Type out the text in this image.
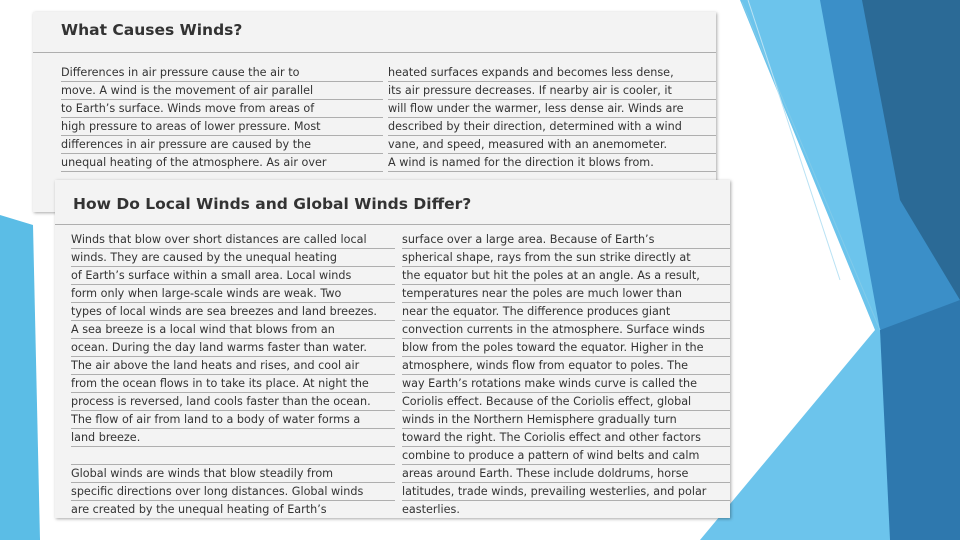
What Causes Winds?
Differences in air pressure cause the air to
move. A wind is the movement of air parallel
to Earth’s surface. Winds move from areas of
high pressure to areas of lower pressure. Most
differences in air pressure are caused by the
unequal heating of the atmosphere. As air over
heated surfaces expands and becomes less dense,
its air pressure decreases. If nearby air is cooler, it
will flow under the warmer, less dense air. Winds are
described by their direction, determined with a wind
vane, and speed, measured with an anemometer.
A wind is named for the direction it blows from.
How Do Local Winds and Global Winds Differ?
Winds that blow over short distances are called local
winds. They are caused by the unequal heating
of Earth’s surface within a small area. Local winds
form only when large-scale winds are weak. Two
types of local winds are sea breezes and land breezes.
A sea breeze is a local wind that blows from an
ocean. During the day land warms faster than water.
The air above the land heats and rises, and cool air
from the ocean flows in to take its place. At night the
process is reversed, land cools faster than the ocean.
The flow of air from land to a body of water forms a
land breeze.
Global winds are winds that blow steadily from
specific directions over long distances. Global winds
are created by the unequal heating of Earth’s
surface over a large area. Because of Earth’s
spherical shape, rays from the sun strike directly at
the equator but hit the poles at an angle. As a result,
temperatures near the poles are much lower than
near the equator. The difference produces giant
convection currents in the atmosphere. Surface winds
blow from the poles toward the equator. Higher in the
atmosphere, winds flow from equator to poles. The
way Earth’s rotations make winds curve is called the
Coriolis effect. Because of the Coriolis effect, global
winds in the Northern Hemisphere gradually turn
toward the right. The Coriolis effect and other factors
combine to produce a pattern of wind belts and calm
areas around Earth. These include doldrums, horse
latitudes, trade winds, prevailing westerlies, and polar
easterlies.
